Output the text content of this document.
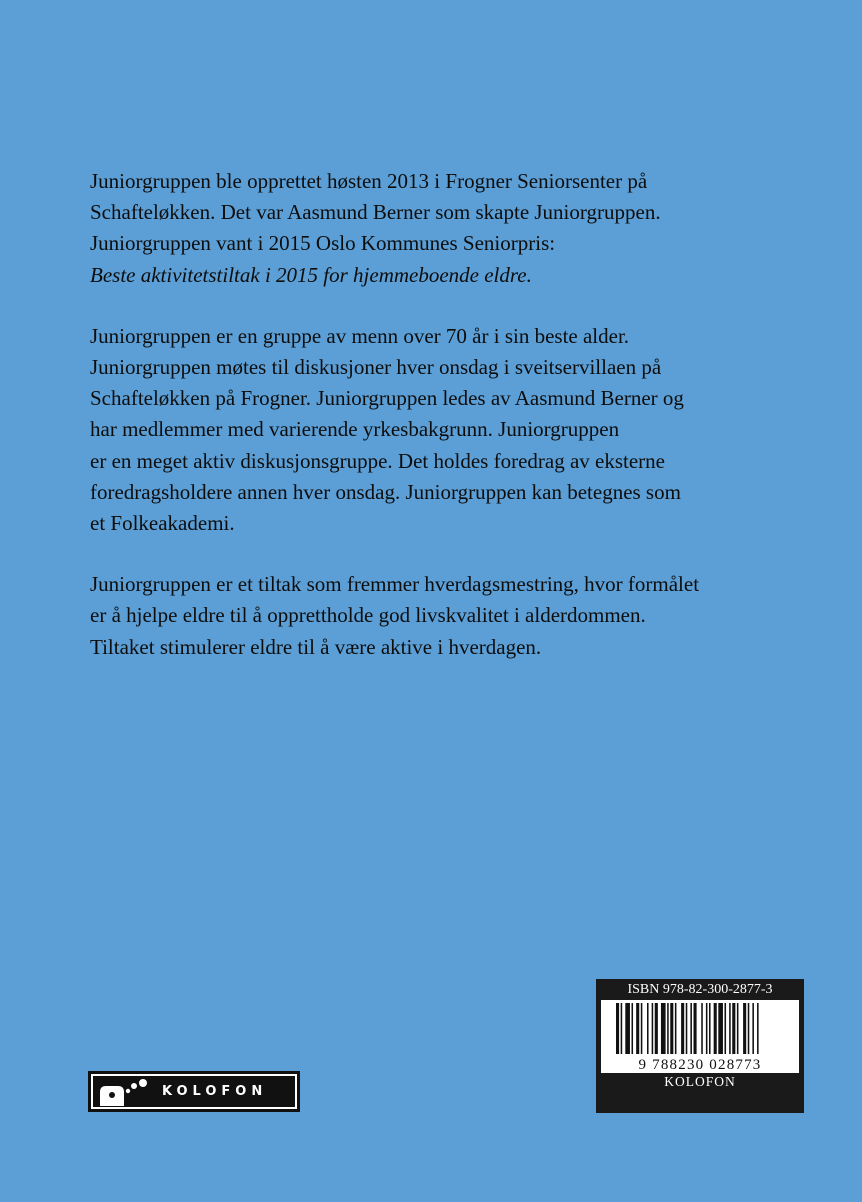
Juniorgruppen ble opprettet høsten 2013 i Frogner Seniorsenter på
Schafteløkken. Det var Aasmund Berner som skapte Juniorgruppen.
Juniorgruppen vant i 2015 Oslo Kommunes Seniorpris:
Beste aktivitetstiltak i 2015 for hjemmeboende eldre.

Juniorgruppen er en gruppe av menn over 70 år i sin beste alder.
Juniorgruppen møtes til diskusjoner hver onsdag i sveitservillaen på
Schafteløkken på Frogner. Juniorgruppen ledes av Aasmund Berner og
har medlemmer med varierende yrkesbakgrunn. Juniorgruppen
er en meget aktiv diskusjonsgruppe. Det holdes foredrag av eksterne
foredragsholdere annen hver onsdag. Juniorgruppen kan betegnes som
et Folkeakademi.

Juniorgruppen er et tiltak som fremmer hverdagsmestring, hvor formålet
er å hjelpe eldre til å opprettholde god livskvalitet i alderdommen.
Tiltaket stimulerer eldre til å være aktive i hverdagen.

KOLOFON
ISBN 978-82-300-2877-3
9 788230 028773
KOLOFON
